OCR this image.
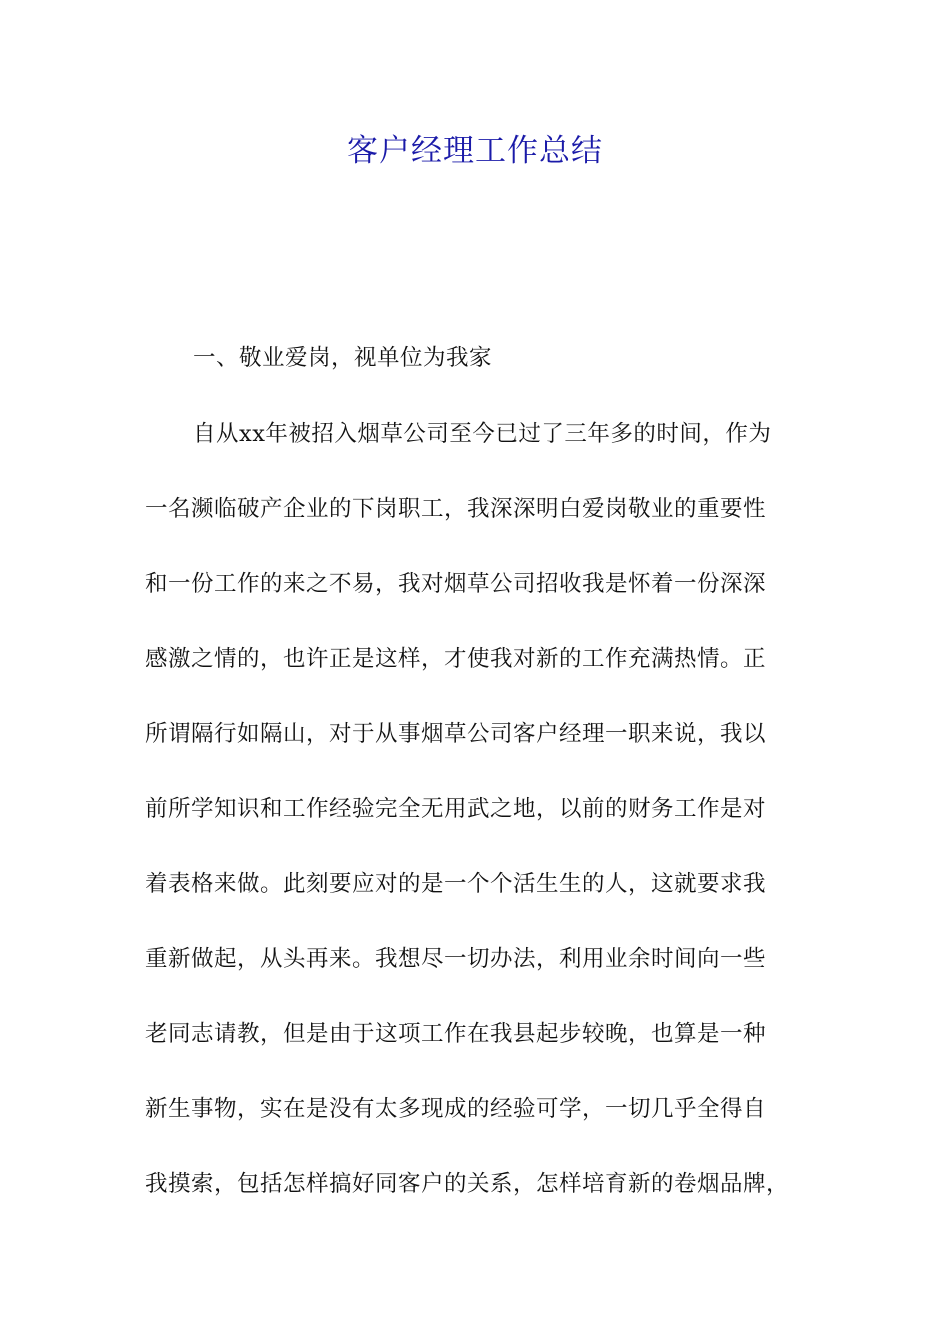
客户经理工作总结
一、敬业爱岗，视单位为我家
自从xx年被招入烟草公司至今已过了三年多的时间，作为
一名濒临破产企业的下岗职工，我深深明白爱岗敬业的重要性
和一份工作的来之不易，我对烟草公司招收我是怀着一份深深
感激之情的，也许正是这样，才使我对新的工作充满热情。正
所谓隔行如隔山，对于从事烟草公司客户经理一职来说，我以
前所学知识和工作经验完全无用武之地，以前的财务工作是对
着表格来做。此刻要应对的是一个个活生生的人，这就要求我
重新做起，从头再来。我想尽一切办法，利用业余时间向一些
老同志请教，但是由于这项工作在我县起步较晚，也算是一种
新生事物，实在是没有太多现成的经验可学，一切几乎全得自
我摸索，包括怎样搞好同客户的关系，怎样培育新的卷烟品牌，
